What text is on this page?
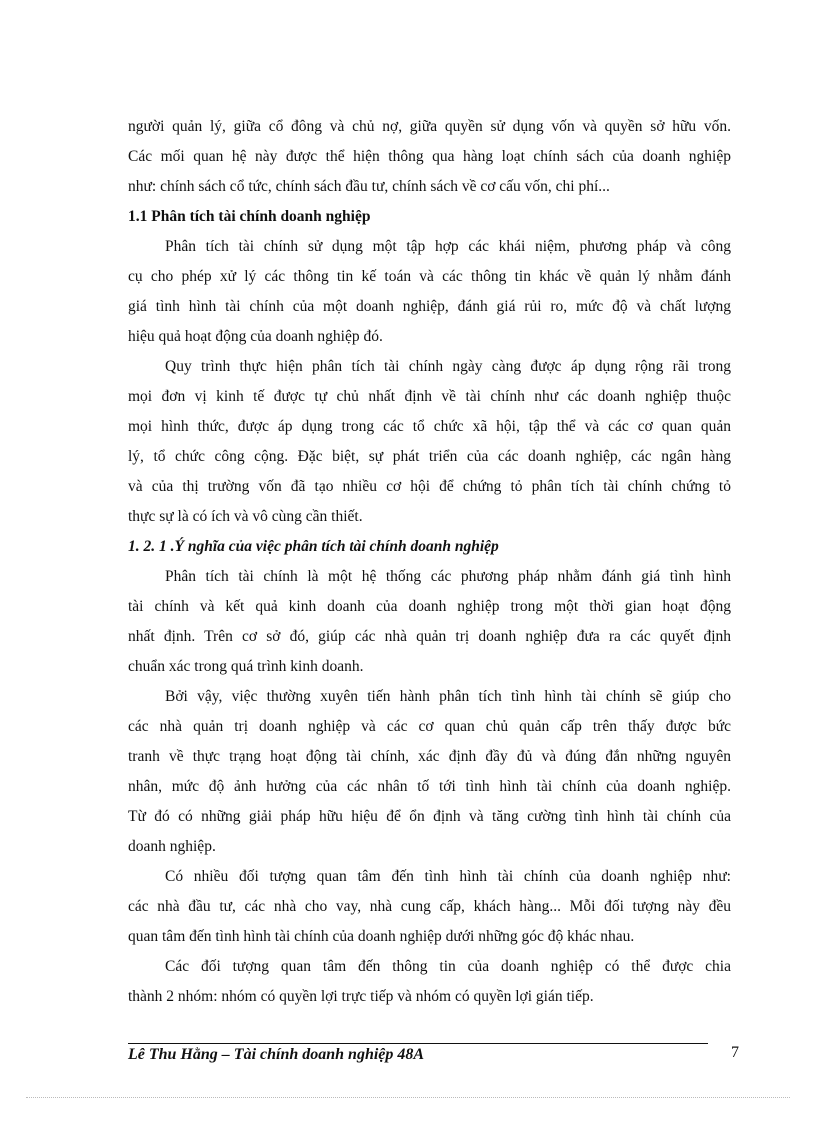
người quản lý, giữa cổ đông và chủ nợ, giữa quyền sử dụng vốn và quyền sở hữu vốn.
Các mối quan hệ này được thể hiện thông qua hàng loạt chính sách của doanh nghiệp
như: chính sách cổ tức, chính sách đầu tư, chính sách về cơ cấu vốn, chi phí...
1.1 Phân tích tài chính doanh nghiệp
Phân tích tài chính sử dụng một tập hợp các khái niệm, phương pháp và công
cụ cho phép xử lý các thông tin kế toán và các thông tin khác về quản lý nhằm đánh
giá tình hình tài chính của một doanh nghiệp, đánh giá rủi ro, mức độ và chất lượng
hiệu quả hoạt động của doanh nghiệp đó.
Quy trình thực hiện phân tích tài chính ngày càng được áp dụng rộng rãi trong
mọi đơn vị kinh tế được tự chủ nhất định về tài chính như các doanh nghiệp thuộc
mọi hình thức, được áp dụng trong các tổ chức xã hội, tập thể và các cơ quan quản
lý, tổ chức công cộng. Đặc biệt, sự phát triển của các doanh nghiệp, các ngân hàng
và của thị trường vốn đã tạo nhiều cơ hội để chứng tỏ phân tích tài chính chứng tỏ
thực sự là có ích và vô cùng cần thiết.
1. 2. 1 .Ý nghĩa của việc phân tích tài chính doanh nghiệp
Phân tích tài chính là một hệ thống các phương pháp nhằm đánh giá tình hình
tài chính và kết quả kinh doanh của doanh nghiệp trong một thời gian hoạt động
nhất định. Trên cơ sở đó, giúp các nhà quản trị doanh nghiệp đưa ra các quyết định
chuẩn xác trong quá trình kinh doanh.
Bởi vậy, việc thường xuyên tiến hành phân tích tình hình tài chính sẽ giúp cho
các nhà quản trị doanh nghiệp và các cơ quan chủ quản cấp trên thấy được bức
tranh về thực trạng hoạt động tài chính, xác định đầy đủ và đúng đắn những nguyên
nhân, mức độ ảnh hưởng của các nhân tố tới tình hình tài chính của doanh nghiệp.
Từ đó có những giải pháp hữu hiệu để ổn định và tăng cường tình hình tài chính của
doanh nghiệp.
Có nhiều đối tượng quan tâm đến tình hình tài chính của doanh nghiệp như:
các nhà đầu tư, các nhà cho vay, nhà cung cấp, khách hàng... Mỗi đối tượng này đều
quan tâm đến tình hình tài chính của doanh nghiệp dưới những góc độ khác nhau.
Các đối tượng quan tâm đến thông tin của doanh nghiệp có thể được chia
thành 2 nhóm: nhóm có quyền lợi trực tiếp và nhóm có quyền lợi gián tiếp.
Lê Thu Hằng – Tài chính doanh nghiệp 48A	7
